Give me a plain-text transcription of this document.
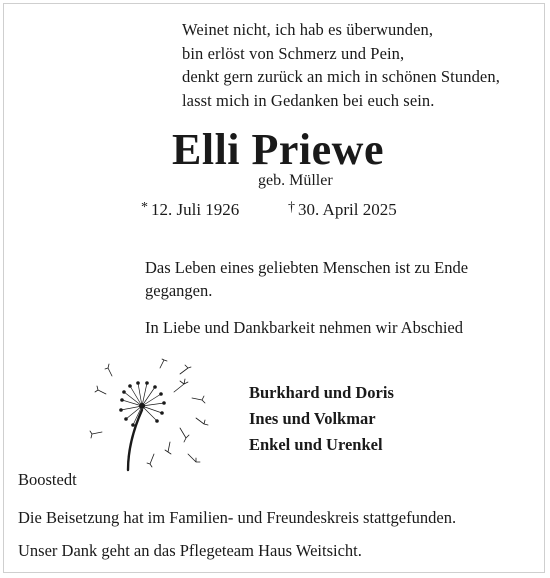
Weinet nicht, ich hab es überwunden,
bin erlöst von Schmerz und Pein,
denkt gern zurück an mich in schönen Stunden,
lasst mich in Gedanken bei euch sein.
Elli Priewe
geb. Müller
* 12. Juli 1926	† 30. April 2025
Das Leben eines geliebten Menschen ist zu Ende gegangen.
In Liebe und Dankbarkeit nehmen wir Abschied
Burkhard und Doris
Ines und Volkmar
Enkel und Urenkel
Boostedt
Die Beisetzung hat im Familien- und Freundeskreis stattgefunden.
Unser Dank geht an das Pflegeteam Haus Weitsicht.
